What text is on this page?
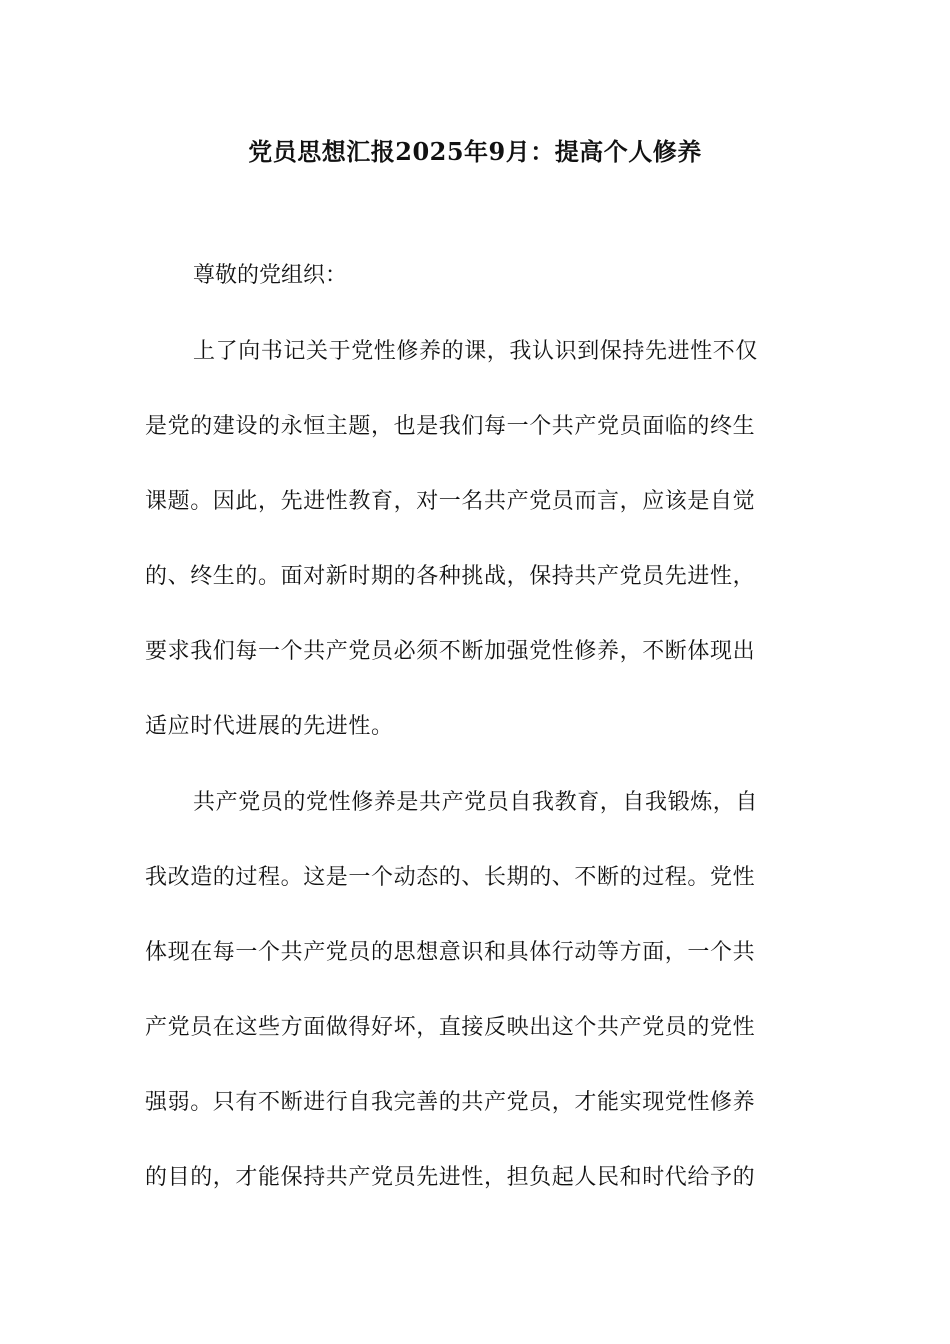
党员思想汇报2025年9月：提高个人修养
尊敬的党组织：
上了向书记关于党性修养的课，我认识到保持先进性不仅
是党的建设的永恒主题，也是我们每一个共产党员面临的终生
课题。因此，先进性教育，对一名共产党员而言，应该是自觉
的、终生的。面对新时期的各种挑战，保持共产党员先进性，
要求我们每一个共产党员必须不断加强党性修养，不断体现出
适应时代进展的先进性。
共产党员的党性修养是共产党员自我教育，自我锻炼，自
我改造的过程。这是一个动态的、长期的、不断的过程。党性
体现在每一个共产党员的思想意识和具体行动等方面，一个共
产党员在这些方面做得好坏，直接反映出这个共产党员的党性
强弱。只有不断进行自我完善的共产党员，才能实现党性修养
的目的，才能保持共产党员先进性，担负起人民和时代给予的
